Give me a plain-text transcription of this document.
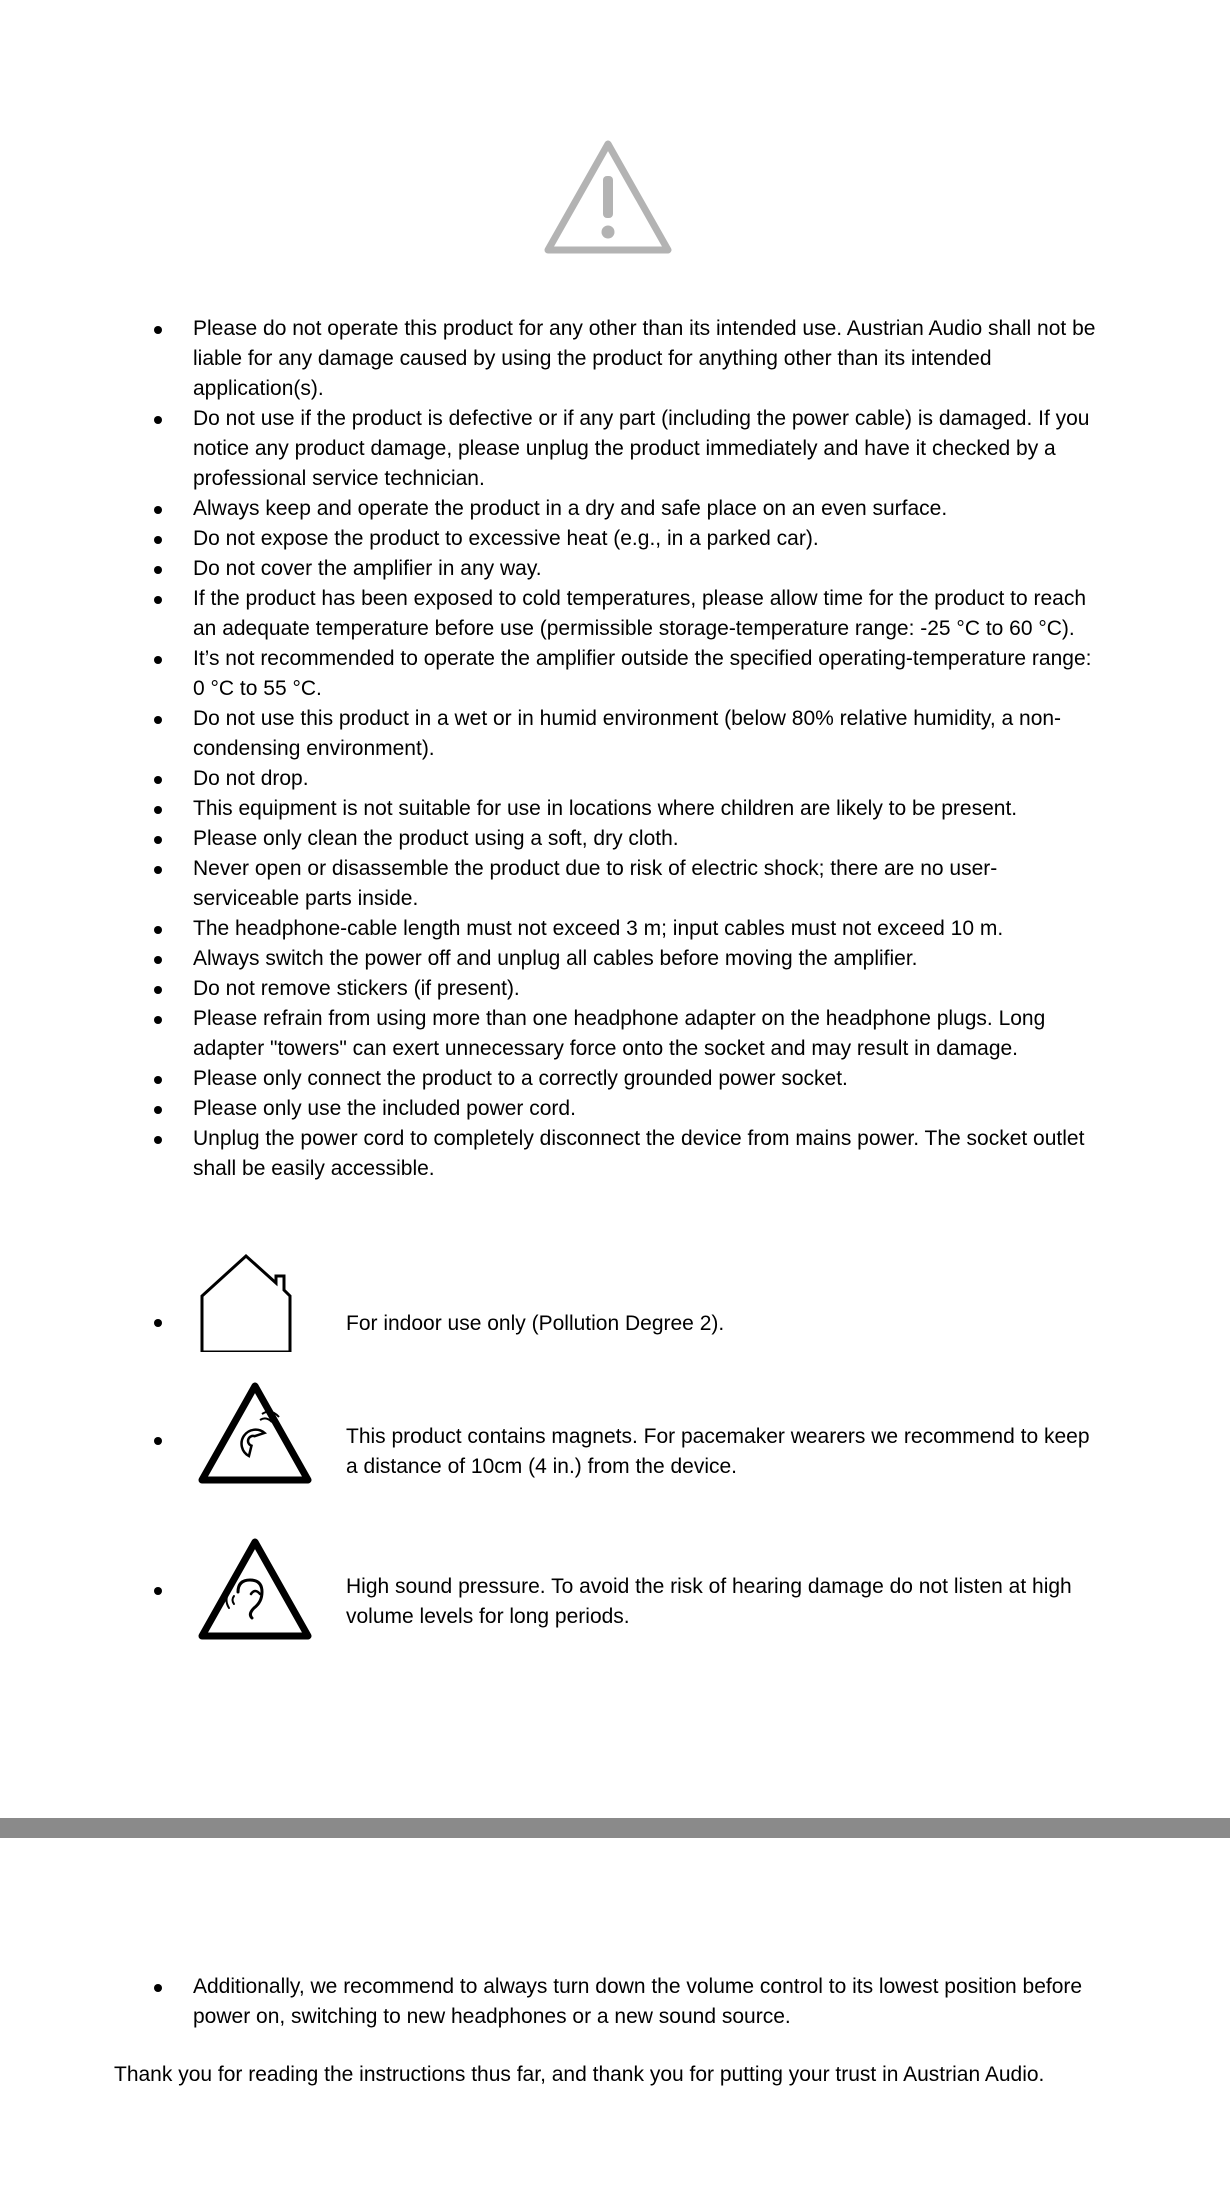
Please do not operate this product for any other than its intended use. Austrian Audio shall not be liable for any damage caused by using the product for anything other than its intended application(s).
Do not use if the product is defective or if any part (including the power cable) is damaged. If you notice any product damage, please unplug the product immediately and have it checked by a professional service technician.
Always keep and operate the product in a dry and safe place on an even surface.
Do not expose the product to excessive heat (e.g., in a parked car).
Do not cover the amplifier in any way.
If the product has been exposed to cold temperatures, please allow time for the product to reach an adequate temperature before use (permissible storage-temperature range: -25 °C to 60 °C).
It’s not recommended to operate the amplifier outside the specified operating-temperature range: 0 °C to 55 °C.
Do not use this product in a wet or in humid environment (below 80% relative humidity, a non-condensing environment).
Do not drop.
This equipment is not suitable for use in locations where children are likely to be present.
Please only clean the product using a soft, dry cloth.
Never open or disassemble the product due to risk of electric shock; there are no user-serviceable parts inside.
The headphone-cable length must not exceed 3 m; input cables must not exceed 10 m.
Always switch the power off and unplug all cables before moving the amplifier.
Do not remove stickers (if present).
Please refrain from using more than one headphone adapter on the headphone plugs. Long adapter "towers" can exert unnecessary force onto the socket and may result in damage.
Please only connect the product to a correctly grounded power socket.
Please only use the included power cord.
Unplug the power cord to completely disconnect the device from mains power. The socket outlet shall be easily accessible.
For indoor use only (Pollution Degree 2).
This product contains magnets. For pacemaker wearers we recommend to keep a distance of 10cm (4 in.) from the device.
High sound pressure. To avoid the risk of hearing damage do not listen at high volume levels for long periods.
Additionally, we recommend to always turn down the volume control to its lowest position before power on, switching to new headphones or a new sound source.
Thank you for reading the instructions thus far, and thank you for putting your trust in Austrian Audio.
